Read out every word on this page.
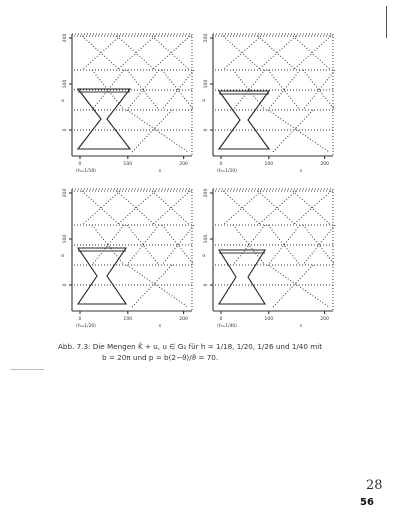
0
100
200
σ
0	100	200
s
(h=1/18)
0
100
200
σ
0	100	200
s
(h=1/20)
0
100
200
σ
0	100	200
s
(h=1/26)
0
100
200
σ
0	100	200
s
(h=1/40)
Abb. 7.3: Die Mengen K̃ + u, u ∈ G₂ für h = 1/18, 1/20, 1/26 und 1/40 mit
b = 20π und p = b(2−ϑ)/ϑ = 70.
28
56
